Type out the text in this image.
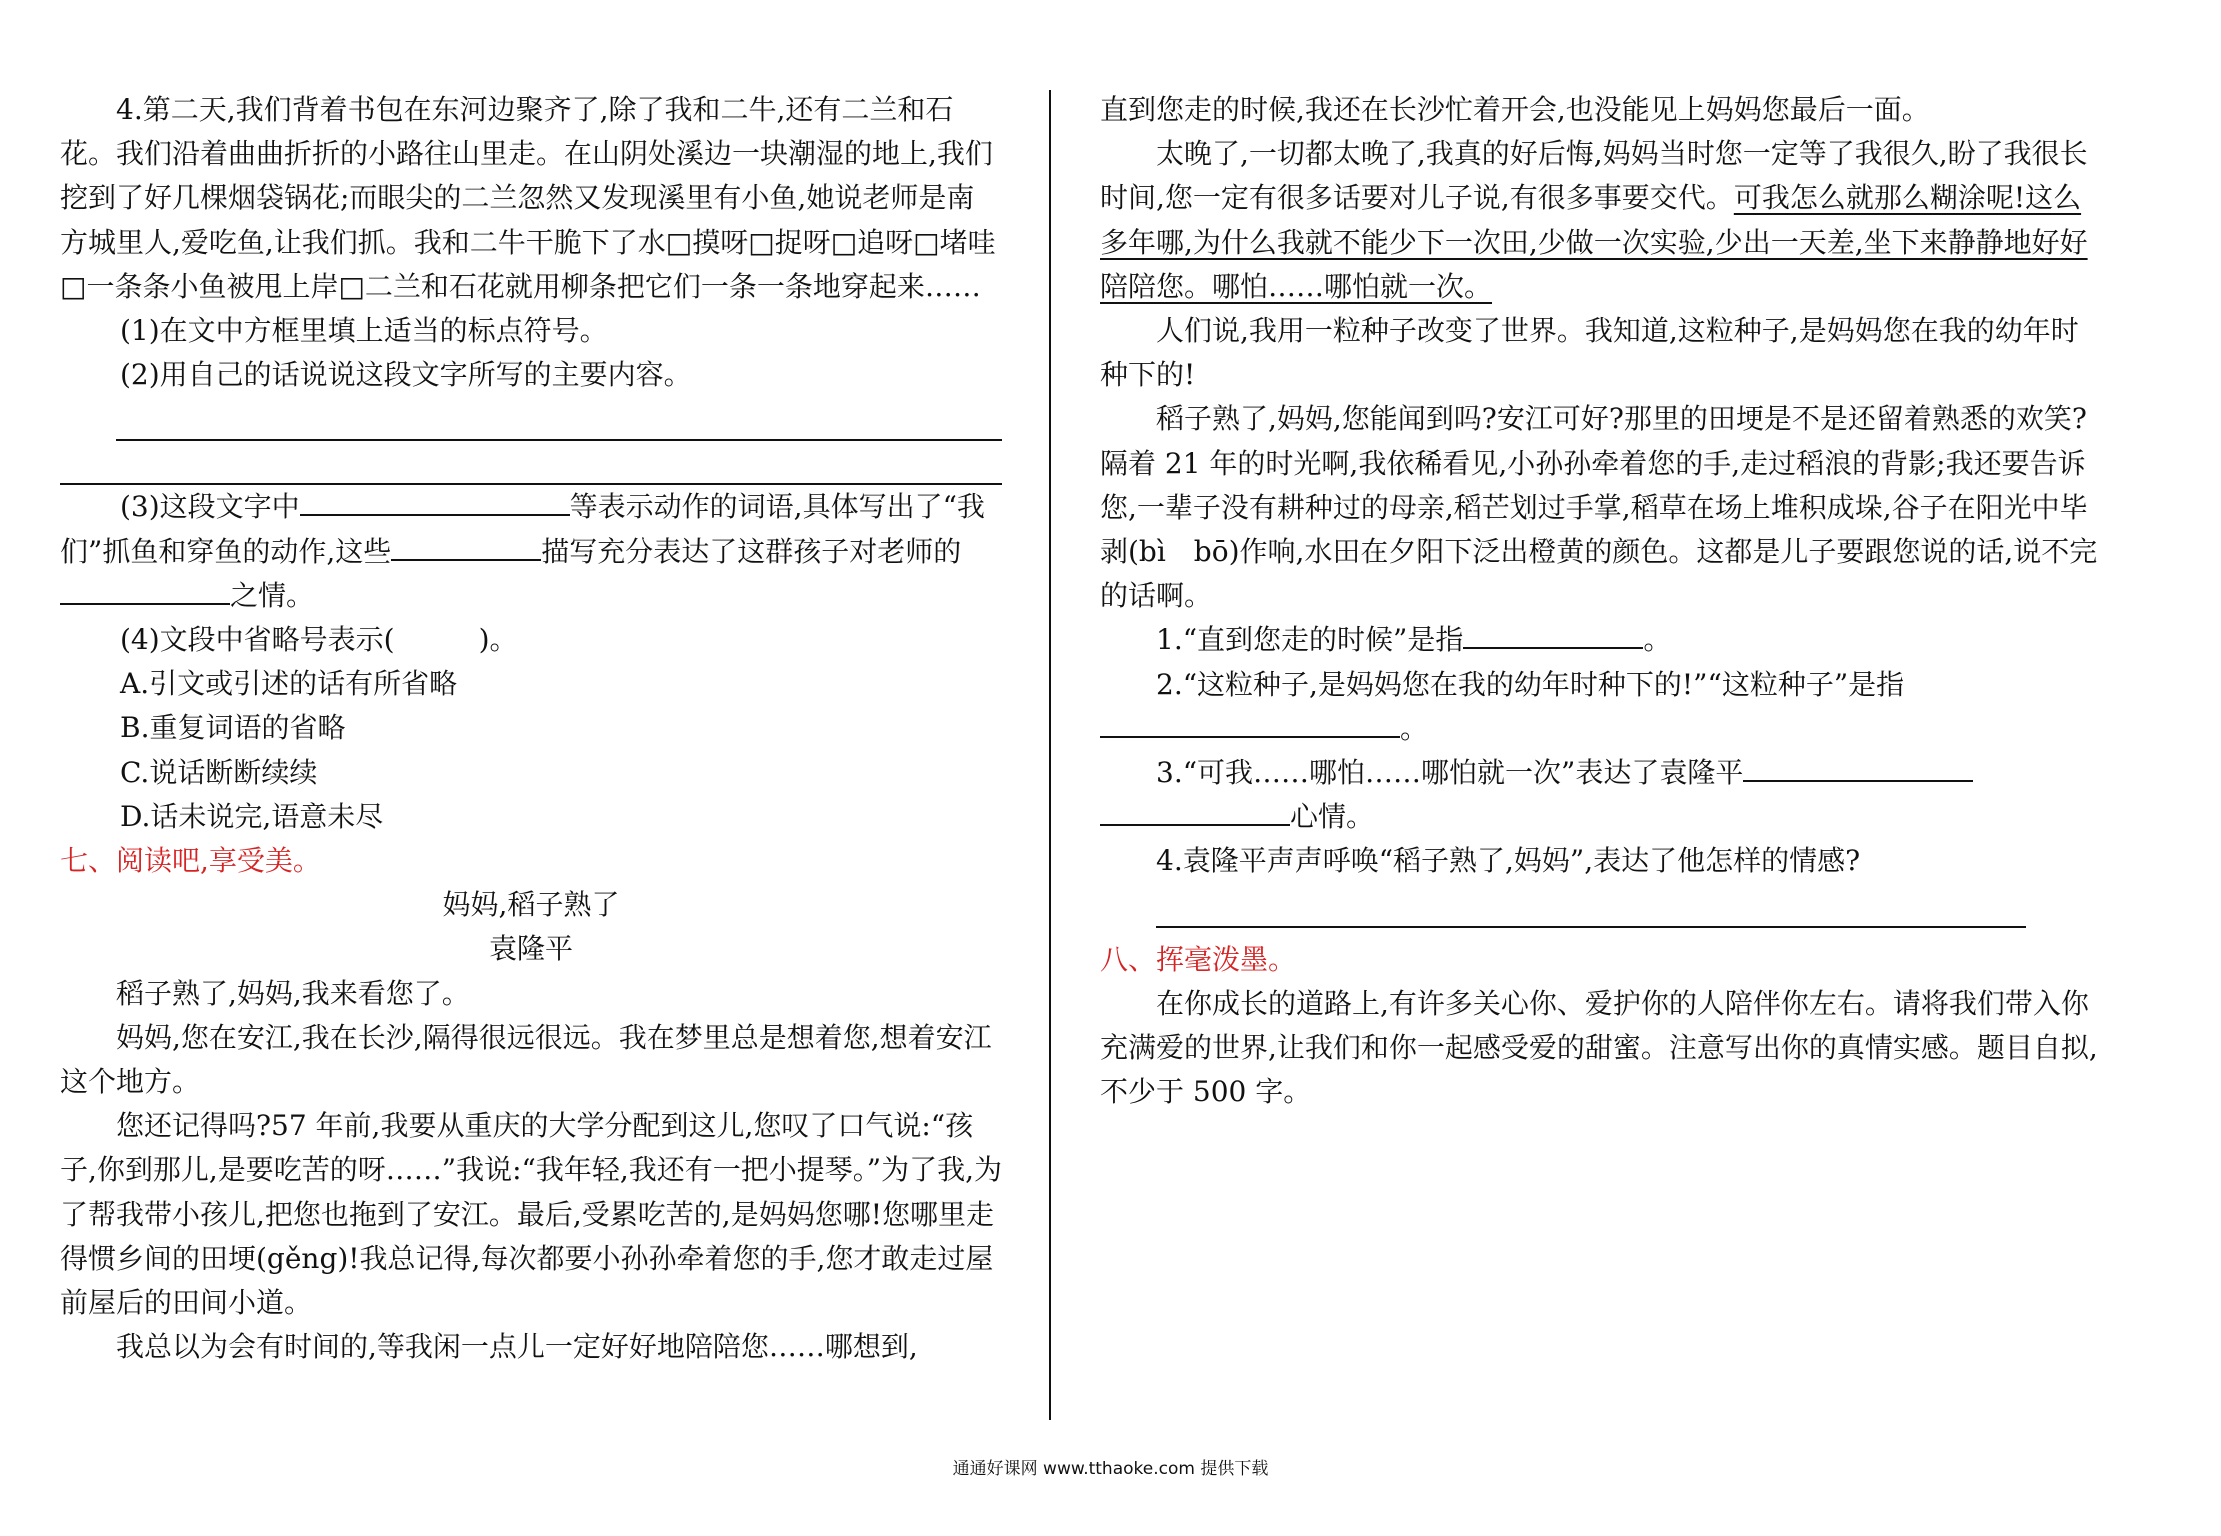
4.第二天,我们背着书包在东河边聚齐了,除了我和二牛,还有二兰和石花。我们沿着曲曲折折的小路往山里走。在山阴处溪边一块潮湿的地上,我们挖到了好几棵烟袋锅花;而眼尖的二兰忽然又发现溪里有小鱼,她说老师是南方城里人,爱吃鱼,让我们抓。我和二牛干脆下了水□摸呀□捉呀□追呀□堵哇□一条条小鱼被甩上岸□二兰和石花就用柳条把它们一条一条地穿起来……

(1)在文中方框里填上适当的标点符号。

(2)用自己的话说说这段文字所写的主要内容。

(3)这段文字中	等表示动作的词语,具体写出了“我们”抓鱼和穿鱼的动作,这些	描写充分表达了这群孩子对老师的之情。

(4)文段中省略号表示(　　　)。

A.引文或引述的话有所省略

B.重复词语的省略

C.说话断断续续

D.话未说完,语意未尽

七、阅读吧,享受美。

妈妈,稻子熟了

袁隆平

稻子熟了,妈妈,我来看您了。

妈妈,您在安江,我在长沙,隔得很远很远。我在梦里总是想着您,想着安江这个地方。

您还记得吗?57 年前,我要从重庆的大学分配到这儿,您叹了口气说:“孩子,你到那儿,是要吃苦的呀……”我说:“我年轻,我还有一把小提琴。”为了我,为了帮我带小孩儿,把您也拖到了安江。最后,受累吃苦的,是妈妈您哪!您哪里走得惯乡间的田埂(gěng)!我总记得,每次都要小孙孙牵着您的手,您才敢走过屋前屋后的田间小道。

我总以为会有时间的,等我闲一点儿一定好好地陪陪您……哪想到,

直到您走的时候,我还在长沙忙着开会,也没能见上妈妈您最后一面。

太晚了,一切都太晚了,我真的好后悔,妈妈当时您一定等了我很久,盼了我很长时间,您一定有很多话要对儿子说,有很多事要交代。可我怎么就那么糊涂呢!这么多年哪,为什么我就不能少下一次田,少做一次实验,少出一天差,坐下来静静地好好陪陪您。哪怕……哪怕就一次。

人们说,我用一粒种子改变了世界。我知道,这粒种子,是妈妈您在我的幼年时种下的!

稻子熟了,妈妈,您能闻到吗?安江可好?那里的田埂是不是还留着熟悉的欢笑?隔着 21 年的时光啊,我依稀看见,小孙孙牵着您的手,走过稻浪的背影;我还要告诉您,一辈子没有耕种过的母亲,稻芒划过手掌,稻草在场上堆积成垛,谷子在阳光中毕剥(bì　bō)作响,水田在夕阳下泛出橙黄的颜色。这都是儿子要跟您说的话,说不完的话啊。

1.“直到您走的时候”是指	。

2.“这粒种子,是妈妈您在我的幼年时种下的!”“这粒种子”是指。

3.“可我……哪怕……哪怕就一次”表达了袁隆平心情。

4.袁隆平声声呼唤“稻子熟了,妈妈”,表达了他怎样的情感?

八、挥毫泼墨。

在你成长的道路上,有许多关心你、爱护你的人陪伴你左右。请将我们带入你充满爱的世界,让我们和你一起感受爱的甜蜜。注意写出你的真情实感。题目自拟,不少于 500 字。

通通好课网 www.tthaoke.com 提供下载
